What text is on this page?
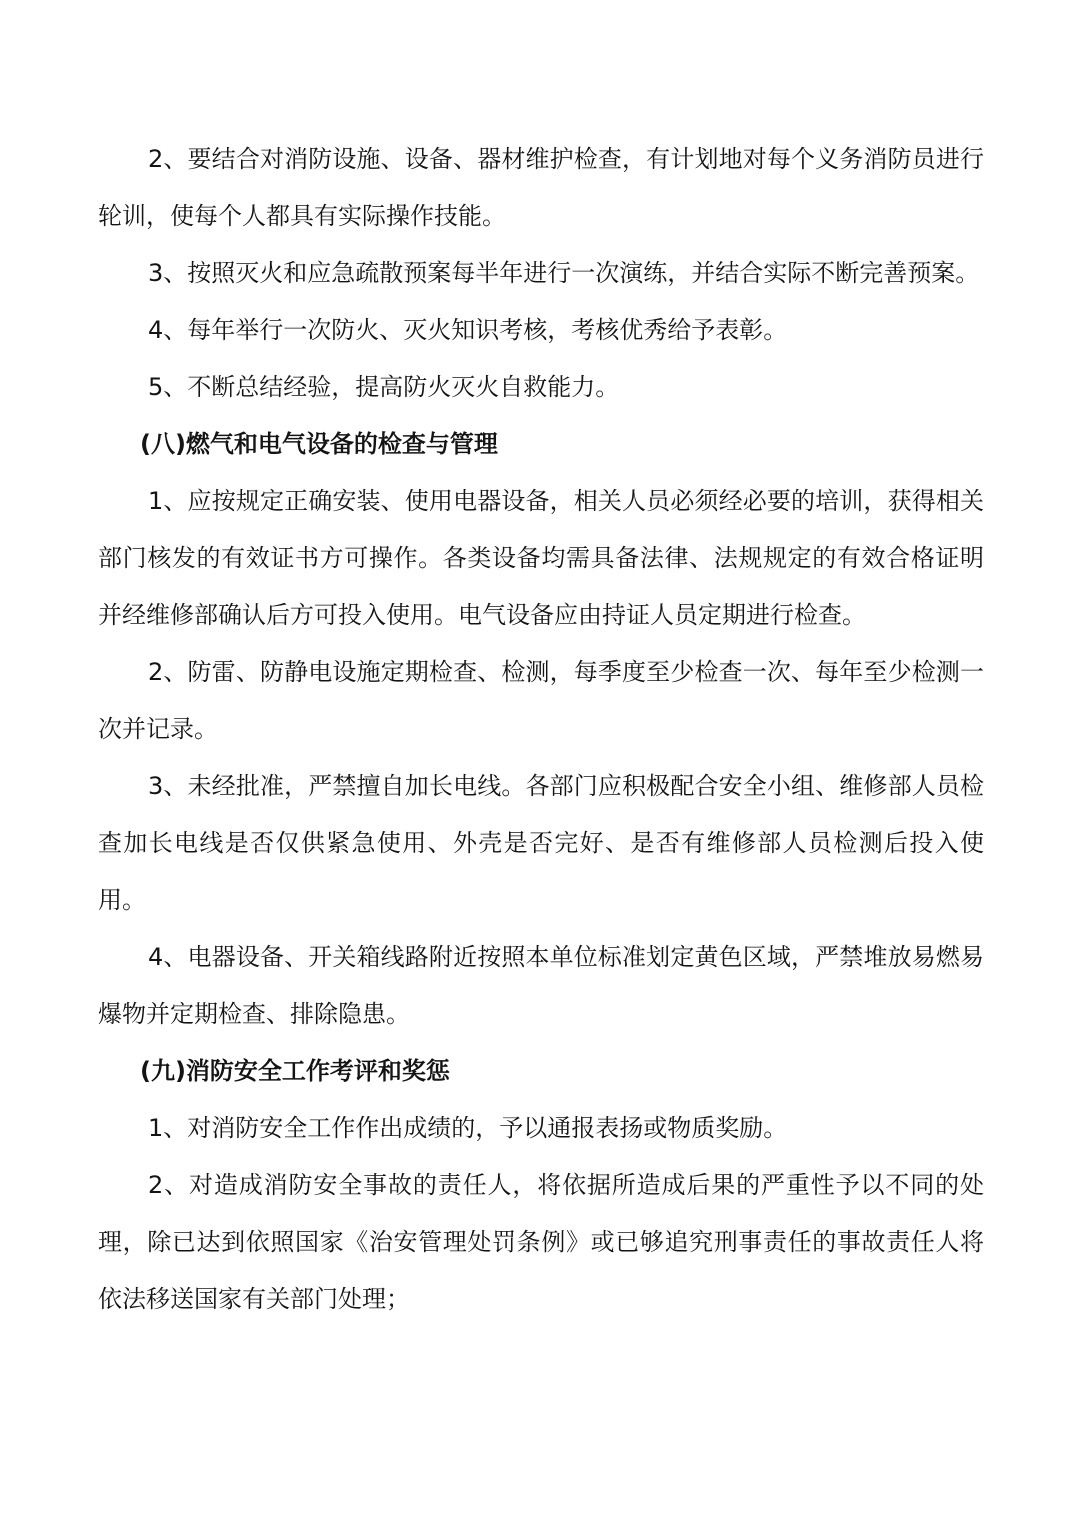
2、要结合对消防设施、设备、器材维护检查，有计划地对每个义务消防员进行轮训，使每个人都具有实际操作技能。

3、按照灭火和应急疏散预案每半年进行一次演练，并结合实际不断完善预案。

4、每年举行一次防火、灭火知识考核，考核优秀给予表彰。

5、不断总结经验，提高防火灭火自救能力。

(八)燃气和电气设备的检查与管理

1、应按规定正确安装、使用电器设备，相关人员必须经必要的培训，获得相关部门核发的有效证书方可操作。各类设备均需具备法律、法规规定的有效合格证明并经维修部确认后方可投入使用。电气设备应由持证人员定期进行检查。

2、防雷、防静电设施定期检查、检测，每季度至少检查一次、每年至少检测一次并记录。

3、未经批准，严禁擅自加长电线。各部门应积极配合安全小组、维修部人员检查加长电线是否仅供紧急使用、外壳是否完好、是否有维修部人员检测后投入使用。

4、电器设备、开关箱线路附近按照本单位标准划定黄色区域，严禁堆放易燃易爆物并定期检查、排除隐患。

(九)消防安全工作考评和奖惩

1、对消防安全工作作出成绩的，予以通报表扬或物质奖励。

2、对造成消防安全事故的责任人，将依据所造成后果的严重性予以不同的处理，除已达到依照国家《治安管理处罚条例》或已够追究刑事责任的事故责任人将依法移送国家有关部门处理；
